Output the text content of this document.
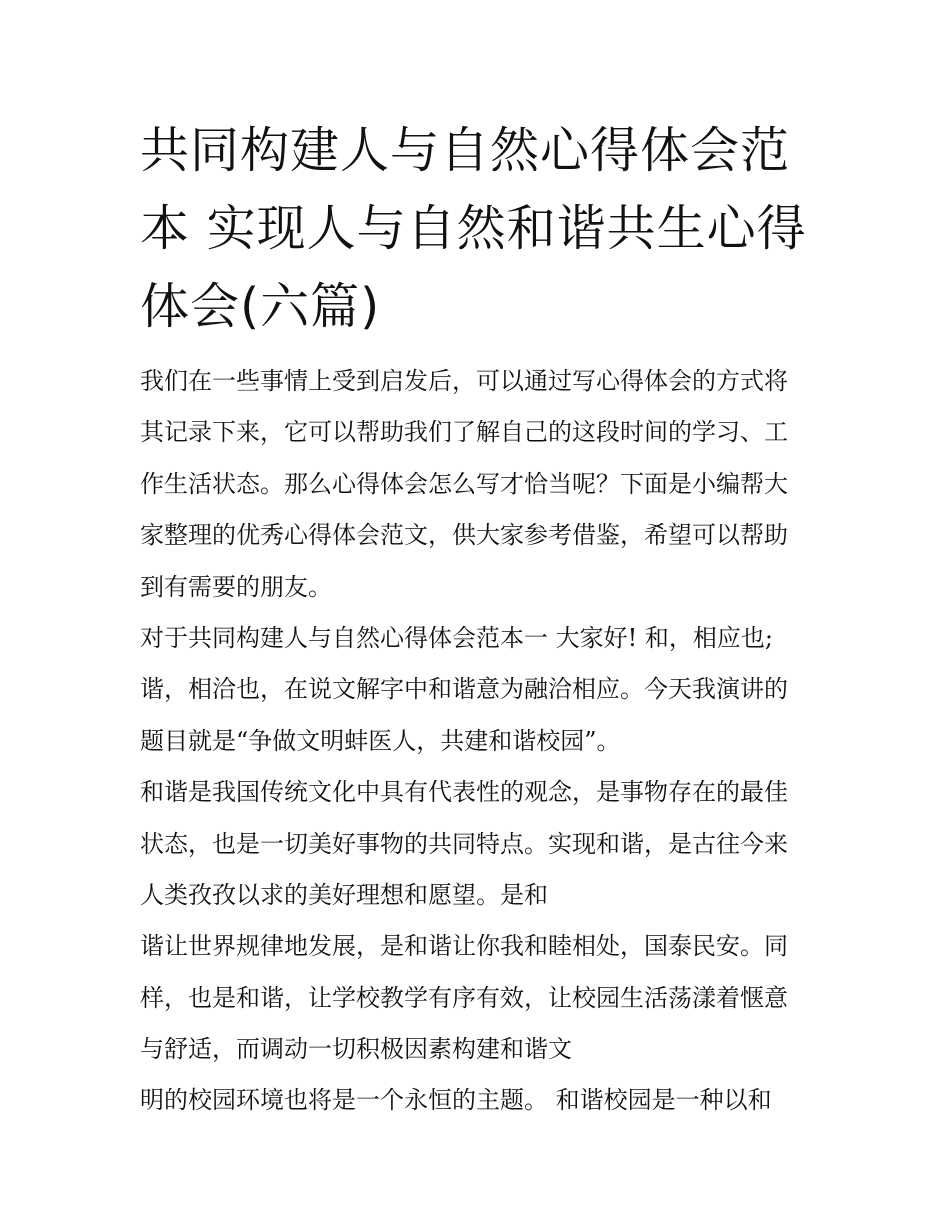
共同构建人与自然心得体会范
本 实现人与自然和谐共生心得
体会(六篇)
我们在一些事情上受到启发后，可以通过写心得体会的方式将
其记录下来，它可以帮助我们了解自己的这段时间的学习、工
作生活状态。那么心得体会怎么写才恰当呢？下面是小编帮大
家整理的优秀心得体会范文，供大家参考借鉴，希望可以帮助
到有需要的朋友。
对于共同构建人与自然心得体会范本一 大家好! 和，相应也;
谐，相洽也，在说文解字中和谐意为融洽相应。今天我演讲的
题目就是“争做文明蚌医人，共建和谐校园”。
和谐是我国传统文化中具有代表性的观念，是事物存在的最佳
状态，也是一切美好事物的共同特点。实现和谐，是古往今来
人类孜孜以求的美好理想和愿望。是和
谐让世界规律地发展，是和谐让你我和睦相处，国泰民安。同
样，也是和谐，让学校教学有序有效，让校园生活荡漾着惬意
与舒适，而调动一切积极因素构建和谐文
明的校园环境也将是一个永恒的主题。 和谐校园是一种以和
